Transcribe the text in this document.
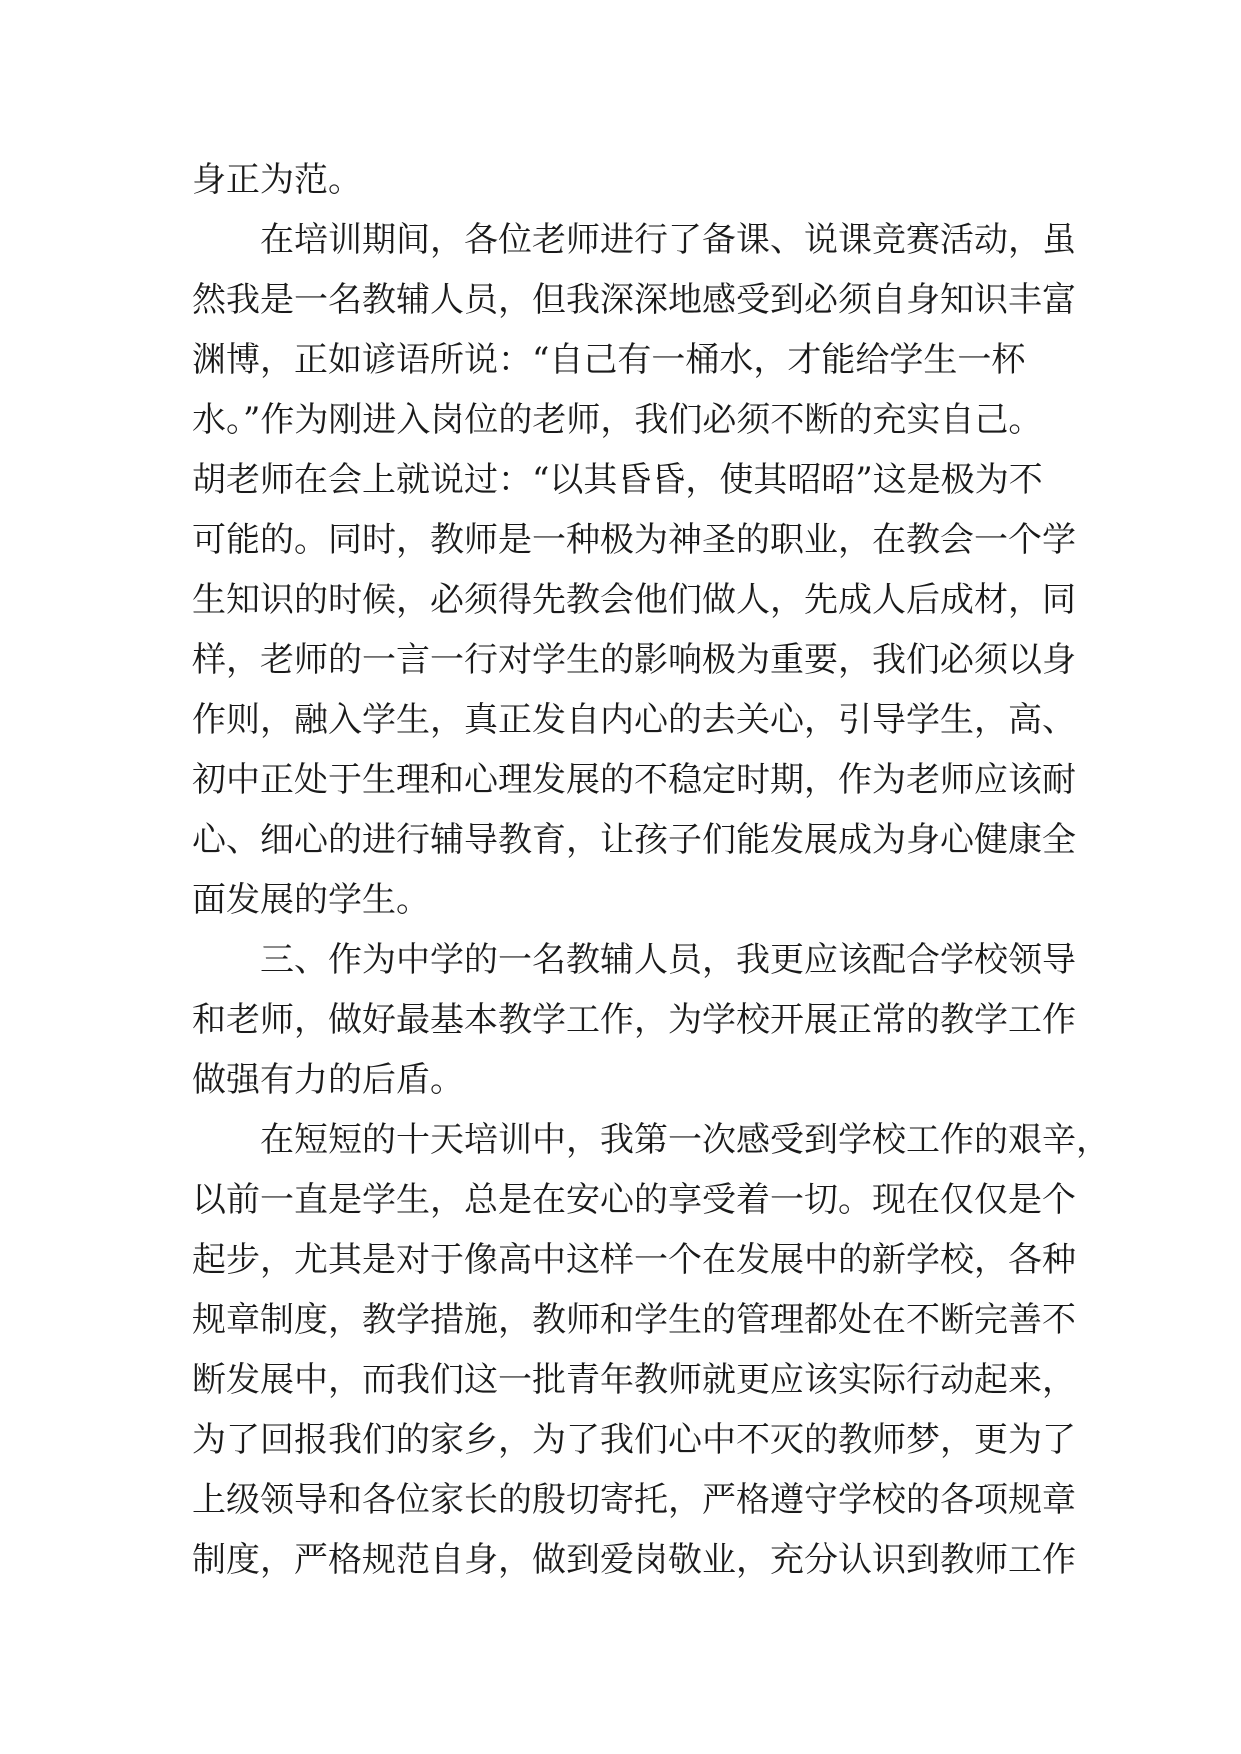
身正为范。
　　在培训期间，各位老师进行了备课、说课竞赛活动，虽
然我是一名教辅人员，但我深深地感受到必须自身知识丰富
渊博，正如谚语所说：“自己有一桶水，才能给学生一杯
水。”作为刚进入岗位的老师，我们必须不断的充实自己。
胡老师在会上就说过：“以其昏昏，使其昭昭”这是极为不
可能的。同时，教师是一种极为神圣的职业，在教会一个学
生知识的时候，必须得先教会他们做人，先成人后成材，同
样，老师的一言一行对学生的影响极为重要，我们必须以身
作则，融入学生，真正发自内心的去关心，引导学生，高、
初中正处于生理和心理发展的不稳定时期，作为老师应该耐
心、细心的进行辅导教育，让孩子们能发展成为身心健康全
面发展的学生。
　　三、作为中学的一名教辅人员，我更应该配合学校领导
和老师，做好最基本教学工作，为学校开展正常的教学工作
做强有力的后盾。
　　在短短的十天培训中，我第一次感受到学校工作的艰辛，
以前一直是学生，总是在安心的享受着一切。现在仅仅是个
起步，尤其是对于像高中这样一个在发展中的新学校，各种
规章制度，教学措施，教师和学生的管理都处在不断完善不
断发展中，而我们这一批青年教师就更应该实际行动起来，
为了回报我们的家乡，为了我们心中不灭的教师梦，更为了
上级领导和各位家长的殷切寄托，严格遵守学校的各项规章
制度，严格规范自身，做到爱岗敬业，充分认识到教师工作
